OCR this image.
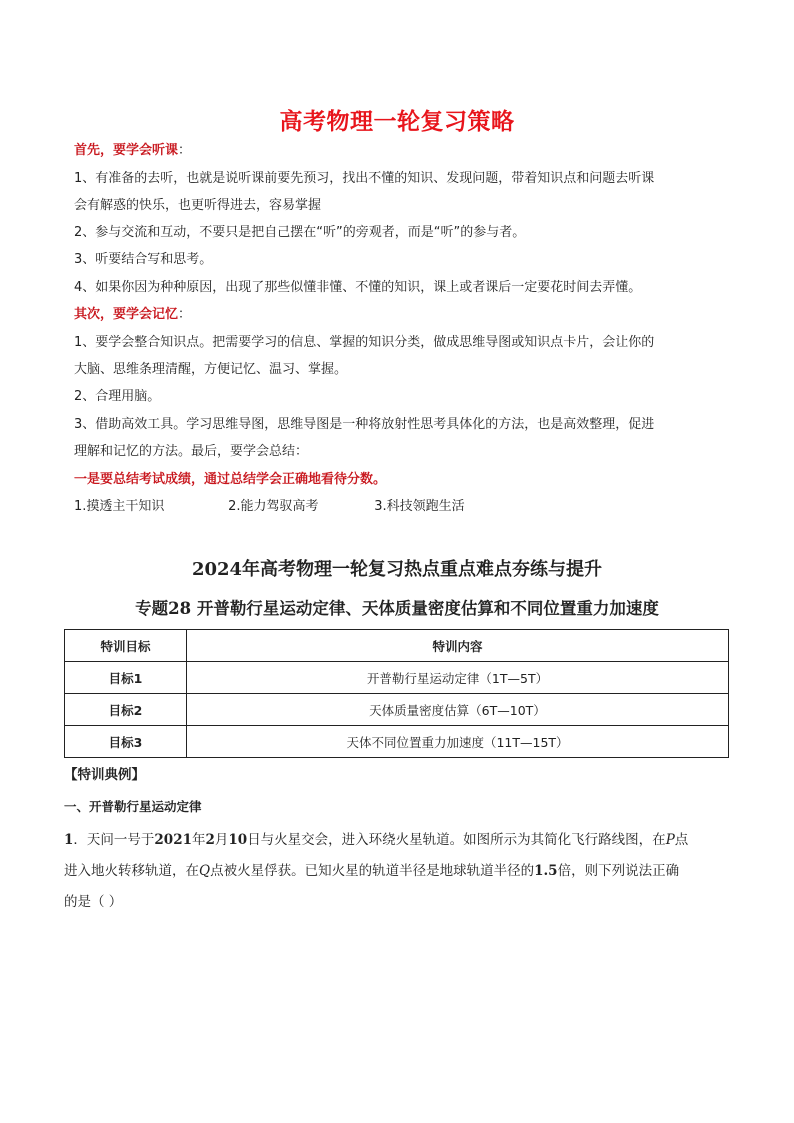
高考物理一轮复习策略
首先，要学会听课：
1、有准备的去听，也就是说听课前要先预习，找出不懂的知识、发现问题，带着知识点和问题去听课
会有解惑的快乐，也更听得进去，容易掌握
2、参与交流和互动，不要只是把自己摆在“听”的旁观者，而是“听”的参与者。
3、听要结合写和思考。
4、如果你因为种种原因，出现了那些似懂非懂、不懂的知识，课上或者课后一定要花时间去弄懂。
其次，要学会记忆：
1、要学会整合知识点。把需要学习的信息、掌握的知识分类，做成思维导图或知识点卡片，会让你的
大脑、思维条理清醒，方便记忆、温习、掌握。
2、合理用脑。
3、借助高效工具。学习思维导图，思维导图是一种将放射性思考具体化的方法，也是高效整理，促进
理解和记忆的方法。最后，要学会总结：
一是要总结考试成绩，通过总结学会正确地看待分数。
1.摸透主干知识	2.能力驾驭高考	3.科技领跑生活
2024年高考物理一轮复习热点重点难点夯练与提升
专题28 开普勒行星运动定律、天体质量密度估算和不同位置重力加速度
特训目标	特训内容
目标1	开普勒行星运动定律（1T—5T）
目标2	天体质量密度估算（6T—10T）
目标3	天体不同位置重力加速度（11T—15T）
【特训典例】
一、开普勒行星运动定律
1．天问一号于2021年2月10日与火星交会，进入环绕火星轨道。如图所示为其简化飞行路线图，在P点
进入地火转移轨道，在Q点被火星俘获。已知火星的轨道半径是地球轨道半径的1.5倍，则下列说法正确
的是（ ）
